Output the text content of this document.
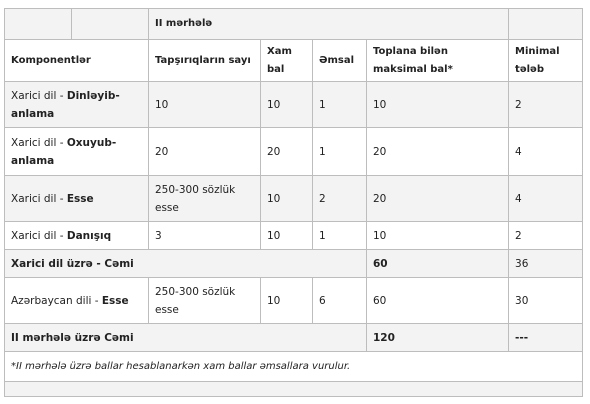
	II mərhələ				
Komponentlər	Tapşırıqların sayı	Xam bal	Əmsal	Toplana bilən maksimal bal*	Minimal tələb
Xarici dil - Dinləyib-anlama	10	10	1	10	2
Xarici dil - Oxuyub-anlama	20	20	1	20	4
Xarici dil - Esse	250-300 sözlük esse	10	2	20	4
Xarici dil - Danışıq	3	10	1	10	2
Xarici dil üzrə - Cəmi				60	36
Azərbaycan dili - Esse	250-300 sözlük esse	10	6	60	30
II mərhələ üzrə Cəmi				120	---
*II mərhələ üzrə ballar hesablanarkən xam ballar əmsallara vurulur.					
